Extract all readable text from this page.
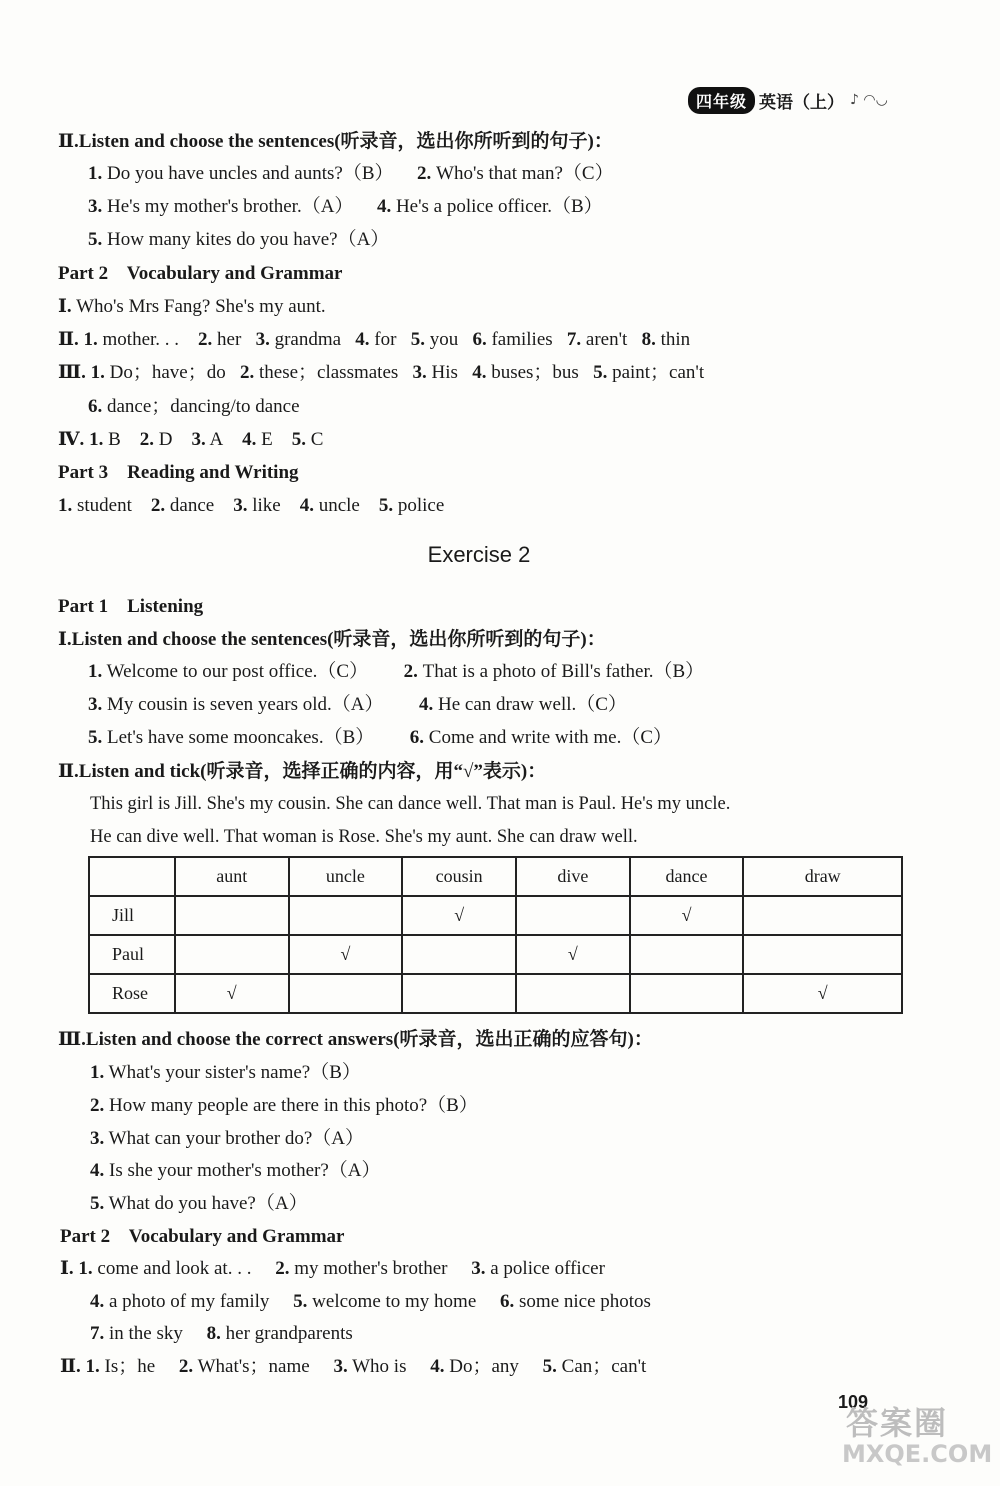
四年级 英语（上） ♪ ◠◡
Ⅱ.Listen and choose the sentences(听录音，选出你所听到的句子)：
1. Do you have uncles and aunts?（B） 2. Who's that man?（C）
3. He's my mother's brother.（A） 4. He's a police officer.（B）
5. How many kites do you have?（A）
Part 2    Vocabulary and Grammar
Ⅰ. Who's Mrs Fang? She's my aunt.
Ⅱ. 1. mother. . . 2. her 3. grandma 4. for 5. you 6. families 7. aren't 8. thin
Ⅲ. 1. Do；have；do 2. these；classmates 3. His 4. buses；bus 5. paint；can't
6. dance；dancing/to dance
Ⅳ. 1. B 2. D 3. A 4. E 5. C
Part 3    Reading and Writing
1. student 2. dance 3. like 4. uncle 5. police
Exercise 2
Part 1    Listening
Ⅰ.Listen and choose the sentences(听录音，选出你所听到的句子)：
1. Welcome to our post office.（C） 2. That is a photo of Bill's father.（B）
3. My cousin is seven years old.（A） 4. He can draw well.（C）
5. Let's have some mooncakes.（B） 6. Come and write with me.（C）
Ⅱ.Listen and tick(听录音，选择正确的内容，用“√”表示)：
This girl is Jill. She's my cousin. She can dance well. That man is Paul. He's my uncle.
He can dive well. That woman is Rose. She's my aunt. She can draw well.
	aunt	uncle	cousin	dive	dance	draw
Jill			√		√	
Paul		√		√		
Rose	√					√
Ⅲ.Listen and choose the correct answers(听录音，选出正确的应答句)：
1. What's your sister's name?（B）
2. How many people are there in this photo?（B）
3. What can your brother do?（A）
4. Is she your mother's mother?（A）
5. What do you have?（A）
Part 2    Vocabulary and Grammar
Ⅰ. 1. come and look at. . . 2. my mother's brother 3. a police officer
4. a photo of my family 5. welcome to my home 6. some nice photos
7. in the sky 8. her grandparents
Ⅱ. 1. Is；he 2. What's；name 3. Who is 4. Do；any 5. Can；can't
109
答案圈
MXQE.COM
